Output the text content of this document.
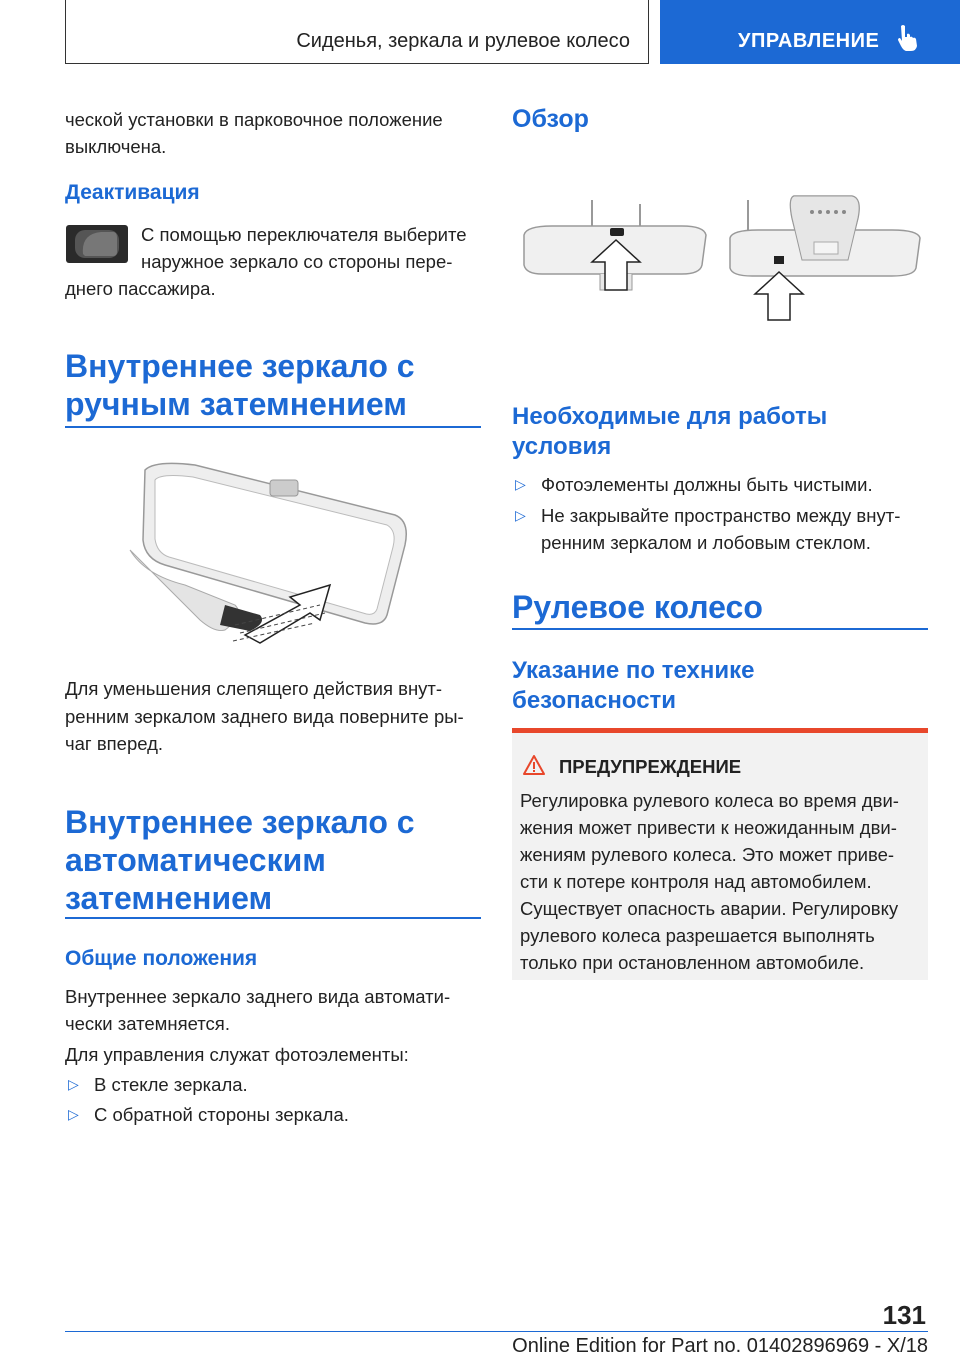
Сиденья, зеркала и рулевое колесо	УПРАВЛЕНИЕ
ческой установки в парковочное положение
выключена.
Деактивация
С помощью переключателя выберите
наружное зеркало со стороны пере-
днего пассажира.
Внутреннее зеркало с
ручным затемнением
Для уменьшения слепящего действия внут-
ренним зеркалом заднего вида поверните ры-
чаг вперед.
Внутреннее зеркало с
автоматическим
затемнением
Общие положения
Внутреннее зеркало заднего вида автомати-
чески затемняется.
Для управления служат фотоэлементы:
▷ В стекле зеркала.
▷ С обратной стороны зеркала.
Обзор
Необходимые для работы
условия
▷ Фотоэлементы должны быть чистыми.
▷ Не закрывайте пространство между внут-
ренним зеркалом и лобовым стеклом.
Рулевое колесо
Указание по технике
безопасности
ПРЕДУПРЕЖДЕНИЕ
Регулировка рулевого колеса во время дви-
жения может привести к неожиданным дви-
жениям рулевого колеса. Это может приве-
сти к потере контроля над автомобилем.
Существует опасность аварии. Регулировку
рулевого колеса разрешается выполнять
только при остановленном автомобиле.
131
Online Edition for Part no. 01402896969 - X/18
